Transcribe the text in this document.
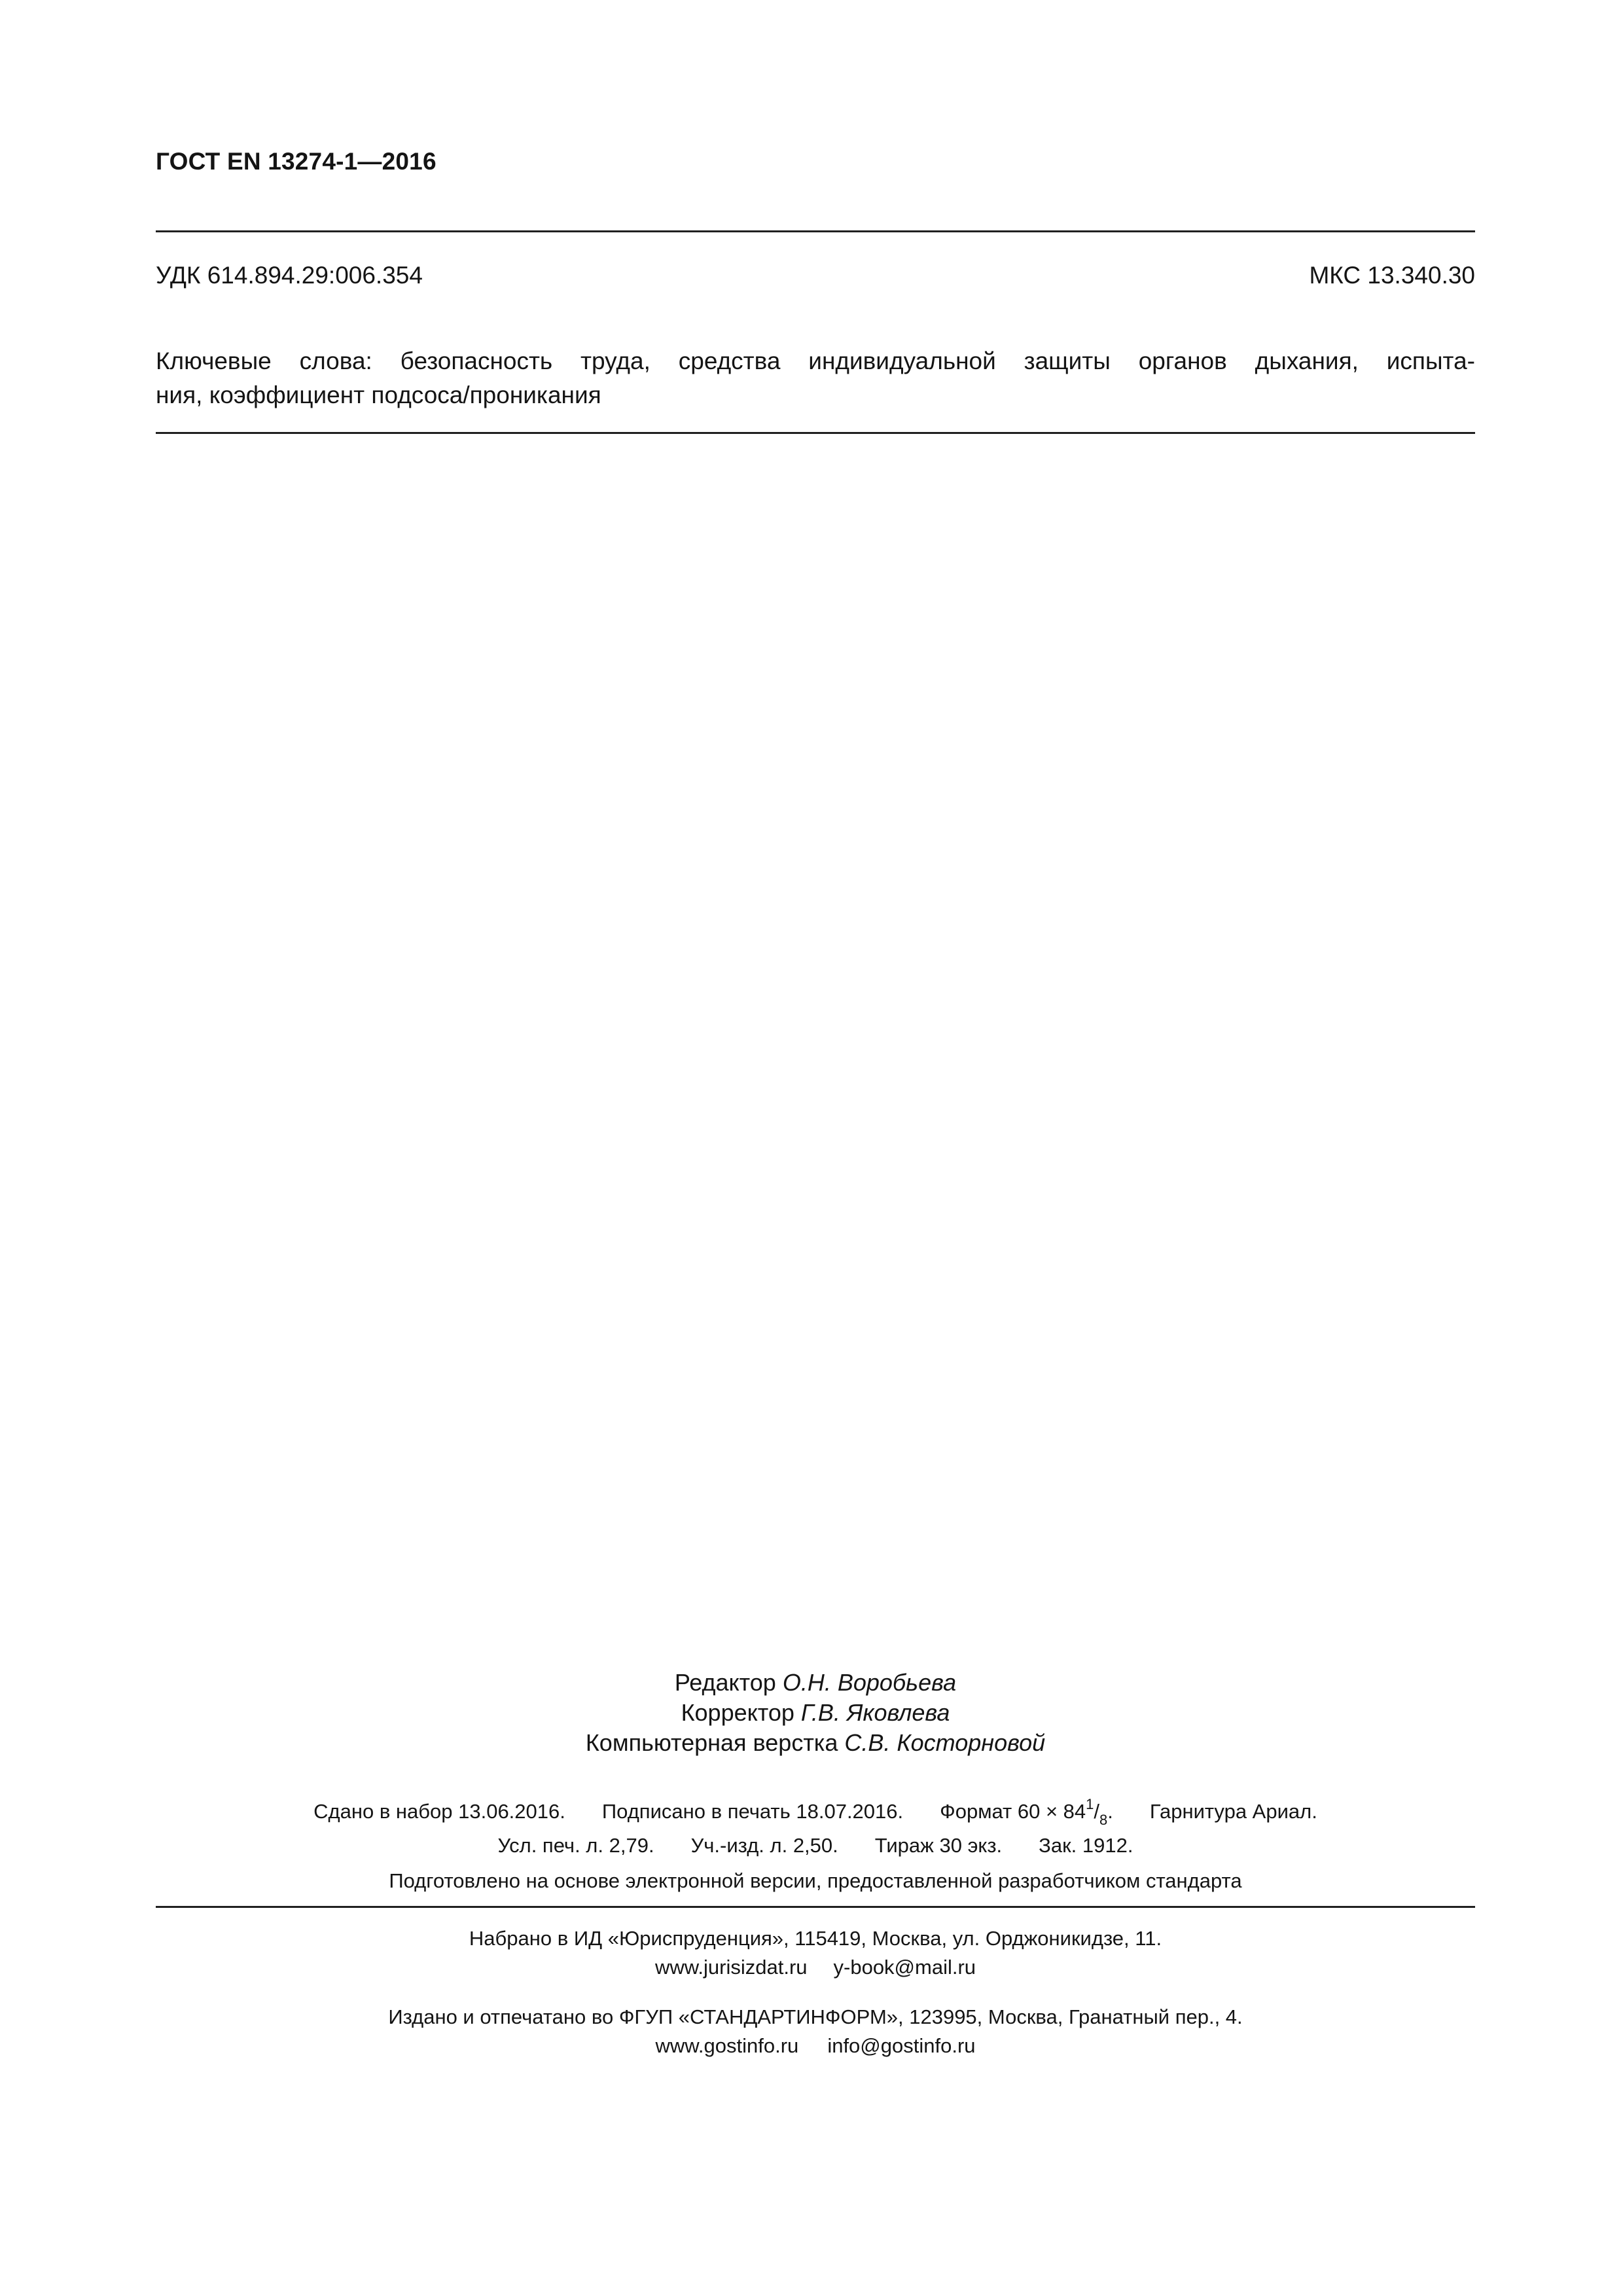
ГОСТ EN 13274-1—2016
УДК 614.894.29:006.354	МКС 13.340.30
Ключевые слова: безопасность труда, средства индивидуальной защиты органов дыхания, испыта-
ния, коэффициент подсоса/проникания
Редактор О.Н. Воробьева
Корректор Г.В. Яковлева
Компьютерная верстка С.В. Косторновой
Сдано в набор 13.06.2016. Подписано в печать 18.07.2016. Формат $60 \times 84^1/_8$. Гарнитура Ариал.
Усл. печ. л. 2,79. Уч.-изд. л. 2,50. Тираж 30 экз. Зак. 1912.
Подготовлено на основе электронной версии, предоставленной разработчиком стандарта
Набрано в ИД «Юриспруденция», 115419, Москва, ул. Орджоникидзе, 11.
www.jurisizdat.ru y-book@mail.ru
Издано и отпечатано во ФГУП «СТАНДАРТИНФОРМ», 123995, Москва, Гранатный пер., 4.
www.gostinfo.ru info@gostinfo.ru
